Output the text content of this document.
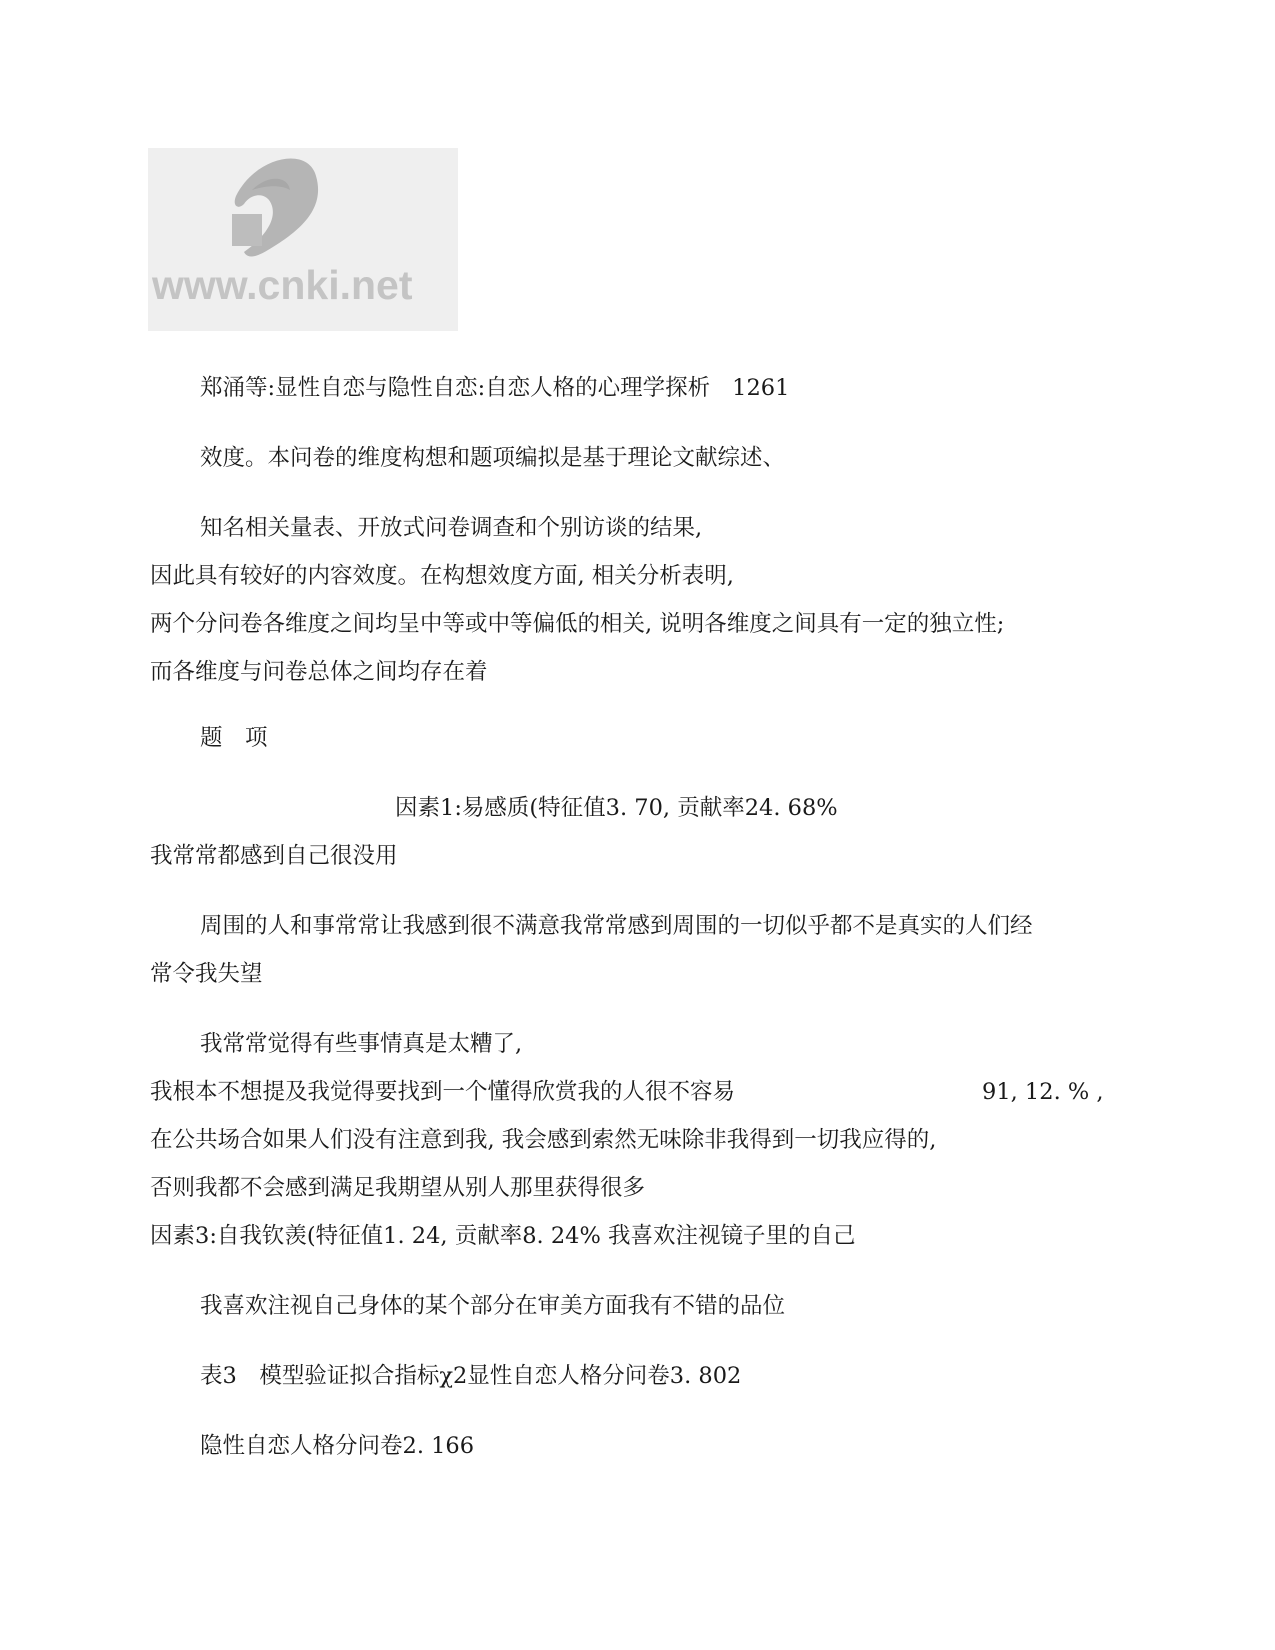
www.cnki.net
郑涌等:显性自恋与隐性自恋:自恋人格的心理学探析 1261
效度。本问卷的维度构想和题项编拟是基于理论文献综述、
知名相关量表、开放式问卷调查和个别访谈的结果,
因此具有较好的内容效度。在构想效度方面, 相关分析表明,
两个分问卷各维度之间均呈中等或中等偏低的相关, 说明各维度之间具有一定的独立性;
而各维度与问卷总体之间均存在着
题　项
因素1:易感质(特征值3. 70, 贡献率24. 68%
我常常都感到自己很没用
周围的人和事常常让我感到很不满意我常常感到周围的一切似乎都不是真实的人们经
常令我失望
我常常觉得有些事情真是太糟了,
我根本不想提及我觉得要找到一个懂得欣赏我的人很不容易	91, 12. % ,
在公共场合如果人们没有注意到我, 我会感到索然无味除非我得到一切我应得的,
否则我都不会感到满足我期望从别人那里获得很多
因素3:自我钦羡(特征值1. 24, 贡献率8. 24% 我喜欢注视镜子里的自己
我喜欢注视自己身体的某个部分在审美方面我有不错的品位
表3　模型验证拟合指标χ2显性自恋人格分问卷3. 802
隐性自恋人格分问卷2. 166
